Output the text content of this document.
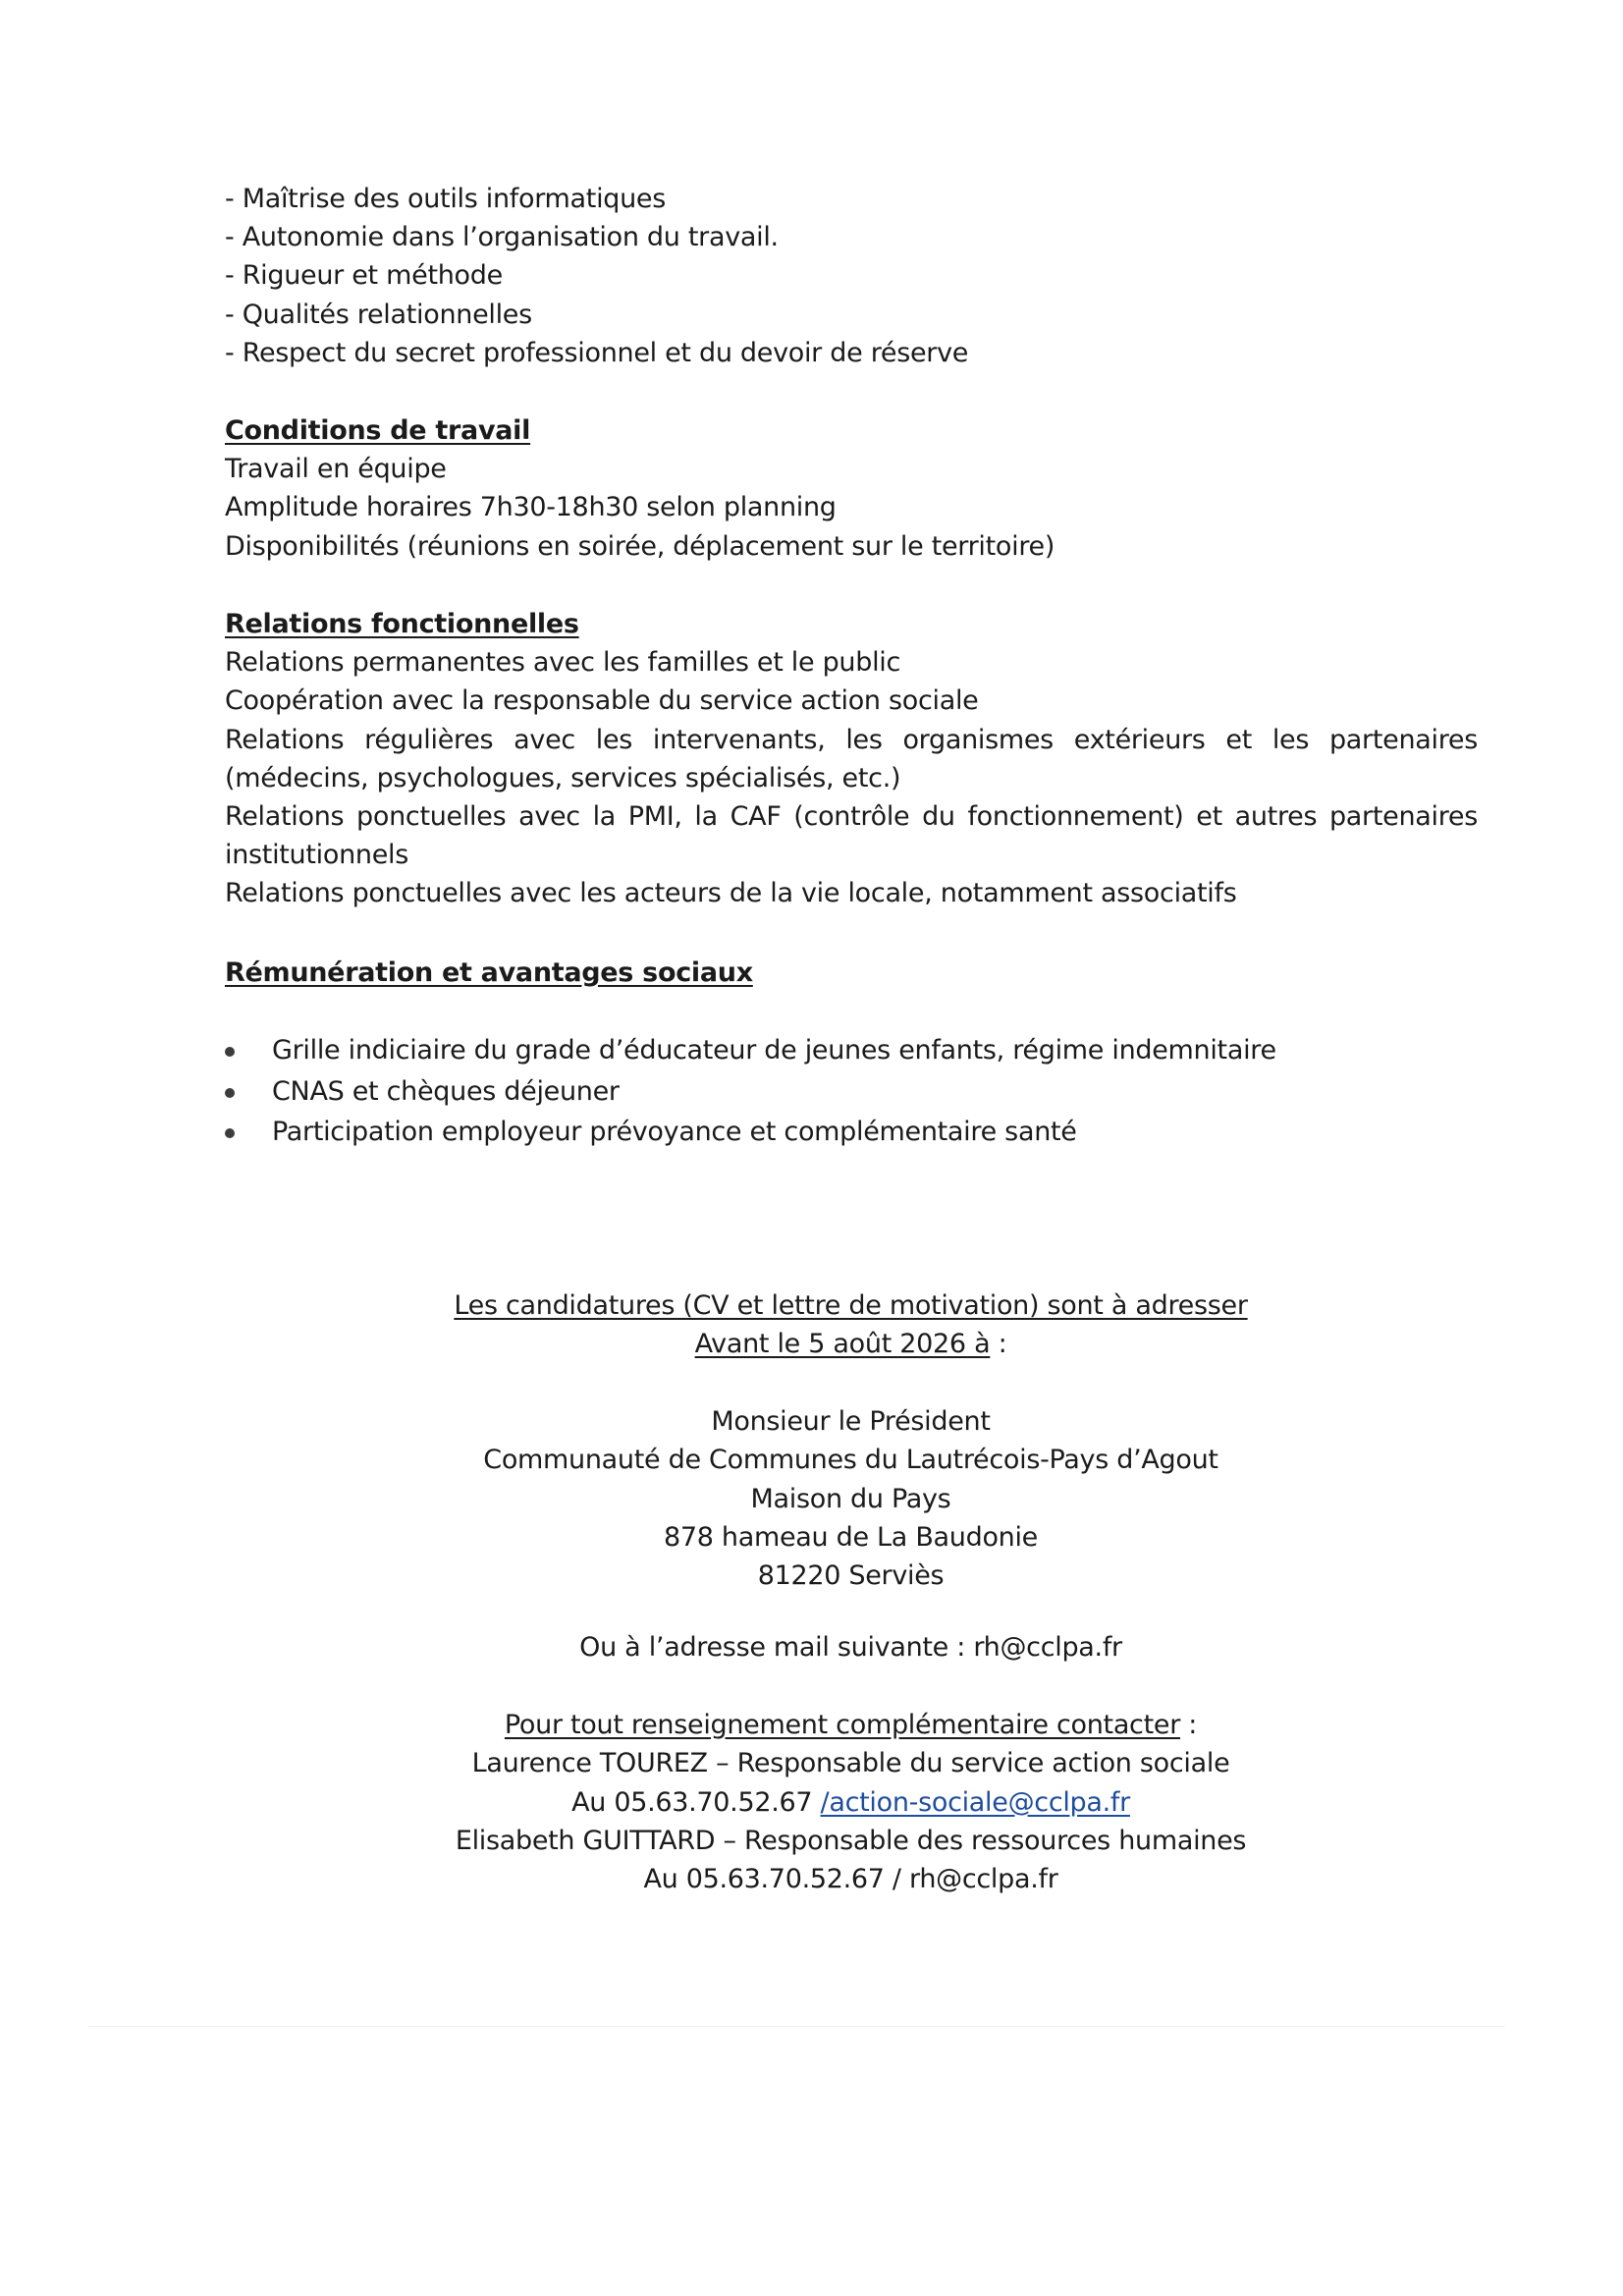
- Maîtrise des outils informatiques
- Autonomie dans l’organisation du travail.
- Rigueur et méthode
- Qualités relationnelles
- Respect du secret professionnel et du devoir de réserve
Conditions de travail
Travail en équipe
Amplitude horaires 7h30-18h30 selon planning
Disponibilités (réunions en soirée, déplacement sur le territoire)
Relations fonctionnelles
Relations permanentes avec les familles et le public
Coopération avec la responsable du service action sociale
Relations régulières avec les intervenants, les organismes extérieurs et les partenaires (médecins, psychologues, services spécialisés, etc.)
Relations ponctuelles avec la PMI, la CAF (contrôle du fonctionnement) et autres partenaires institutionnels
Relations ponctuelles avec les acteurs de la vie locale, notamment associatifs
Rémunération et avantages sociaux
Grille indiciaire du grade d’éducateur de jeunes enfants, régime indemnitaire
CNAS et chèques déjeuner
Participation employeur prévoyance et complémentaire santé
Les candidatures (CV et lettre de motivation) sont à adresser
Avant le 5 août 2026 à :
Monsieur le Président
Communauté de Communes du Lautrécois-Pays d’Agout
Maison du Pays
878 hameau de La Baudonie
81220 Serviès
Ou à l’adresse mail suivante : rh@cclpa.fr
Pour tout renseignement complémentaire contacter :
Laurence TOUREZ – Responsable du service action sociale
Au 05.63.70.52.67 /action-sociale@cclpa.fr
Elisabeth GUITTARD – Responsable des ressources humaines
Au 05.63.70.52.67 / rh@cclpa.fr
